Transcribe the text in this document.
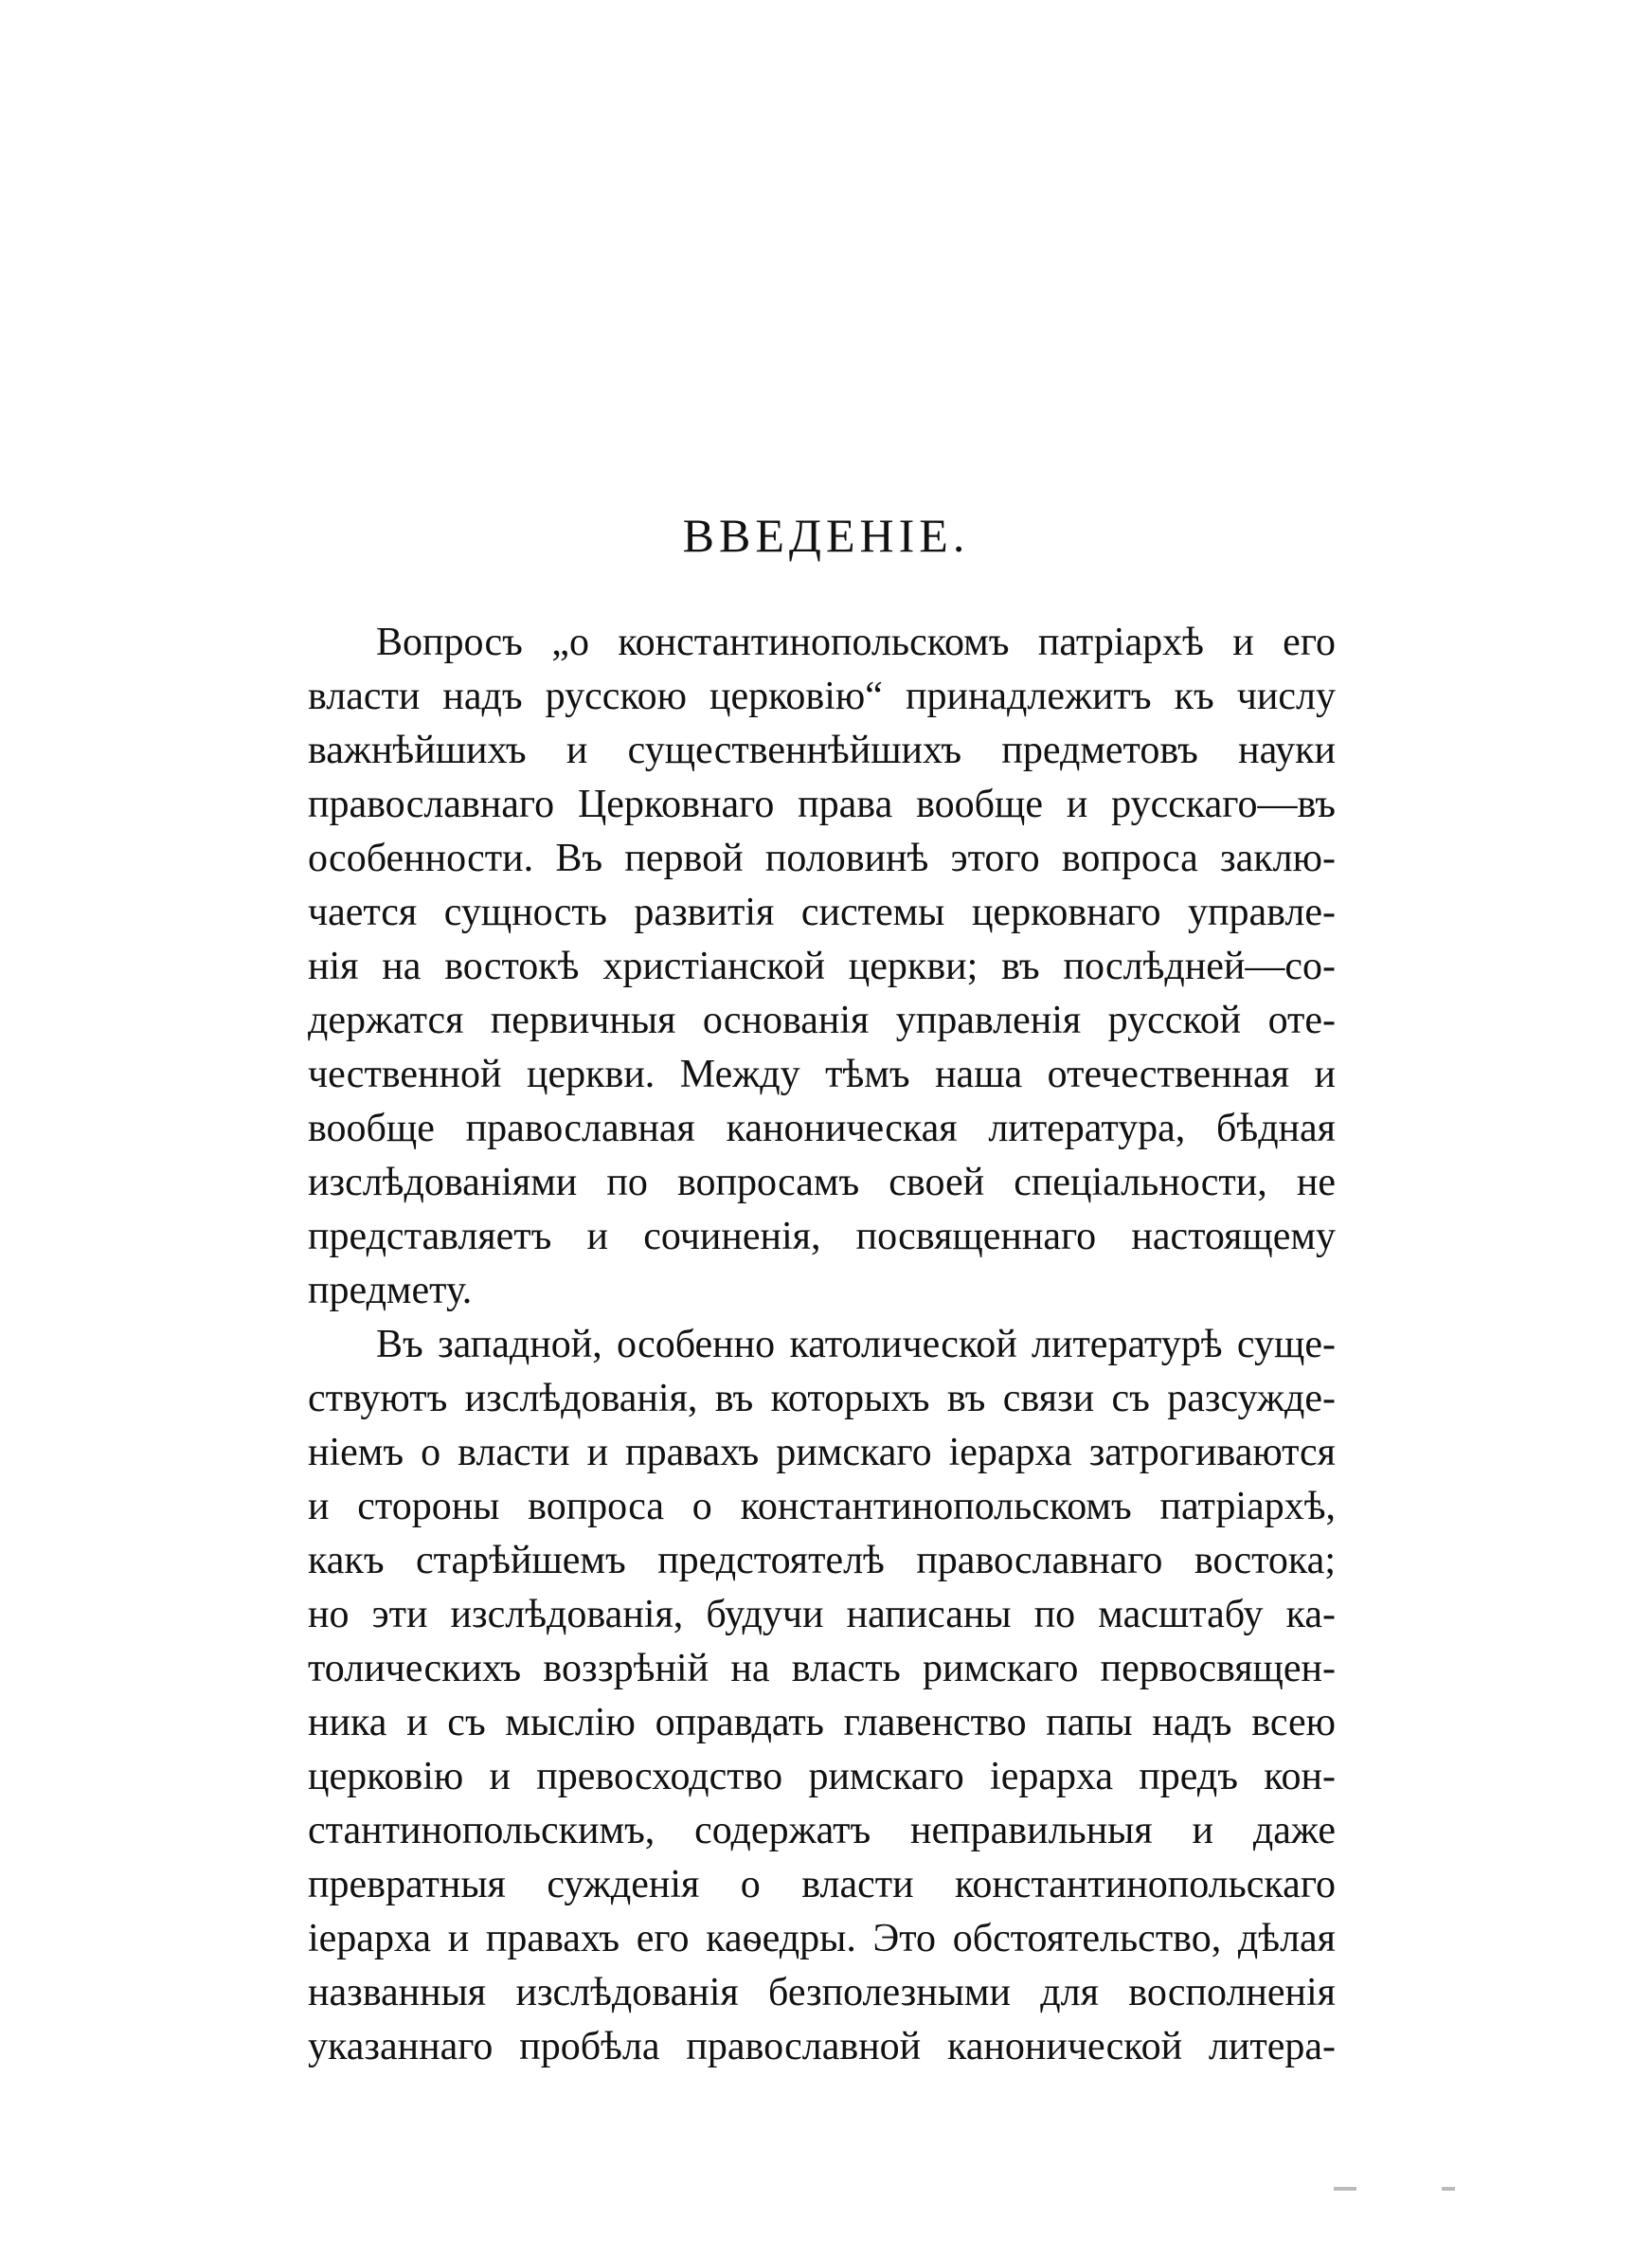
ВВЕДЕНІЕ.
Вопросъ „о константинопольскомъ патріархѣ и его
власти надъ русскою церковію“ принадлежитъ къ числу
важнѣйшихъ и существеннѣйшихъ предметовъ науки
православнаго Церковнаго права вообще и русскаго—въ
особенности. Въ первой половинѣ этого вопроса заклю-
чается сущность развитія системы церковнаго управле-
нія на востокѣ христіанской церкви; въ послѣдней—со-
держатся первичныя основанія управленія русской оте-
чественной церкви. Между тѣмъ наша отечественная и
вообще православная каноническая литература, бѣдная
изслѣдованіями по вопросамъ своей спеціальности, не
представляетъ и сочиненія, посвященнаго настоящему
предмету.
Въ западной, особенно католической литературѣ суще-
ствуютъ изслѣдованія, въ которыхъ въ связи съ разсужде-
ніемъ о власти и правахъ римскаго іерарха затрогиваются
и стороны вопроса о константинопольскомъ патріархѣ,
какъ старѣйшемъ предстоятелѣ православнаго востока;
но эти изслѣдованія, будучи написаны по масштабу ка-
толическихъ воззрѣній на власть римскаго первосвящен-
ника и съ мыслію оправдать главенство папы надъ всею
церковію и превосходство римскаго іерарха предъ кон-
стантинопольскимъ, содержатъ неправильныя и даже
превратныя сужденія о власти константинопольскаго
іерарха и правахъ его каѳедры. Это обстоятельство, дѣлая
названныя изслѣдованія безполезными для восполненія
указаннаго пробѣла православной канонической литера-
